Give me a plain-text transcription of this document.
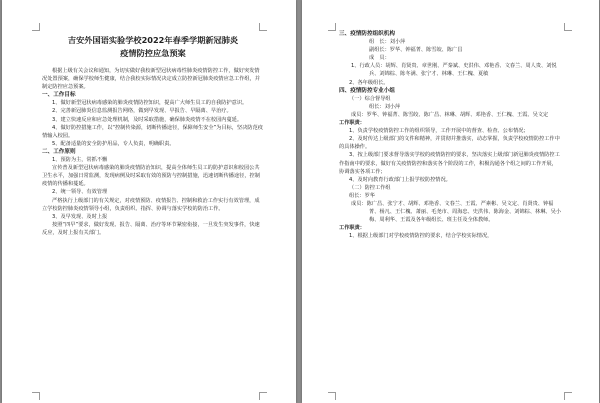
吉安外国语实验学校2022年春季学期新冠肺炎
疫情防控应急预案

根据上级有关会议和通知，为切实做好我校新型冠状病毒性肺炎疫情防控工作，做好突发情况处置预案，确保学校师生健康，结合我校实际情况决定成立防控新冠肺炎疫情应急工作组，并制定防控应急预案。

一、工作目标

1、做好新型冠状病毒感染的肺炎疫情防控知识，提高广大师生员工的自我防护意识。

2、完善新冠肺炎信息监测报告网络，做到早发现、早报告、早隔离、早治疗。

3、建立快速反应和应急处理机制，及时采取措施，确保肺炎疫情不在校园内蔓延。

4、做好防控措施工作，以“控制传染源，切断传播途径，保障师生安全”为目标，坚决防范疫情输入校园。

5、配备适量的安全防护用品，专人负责，明确职责。

二、工作原则

1、预防为主，常抓不懈

宣传普及新型冠状病毒感染的肺炎疫情防治知识，提高全体师生员工的防护意识和校园公共卫生水平，加强日常监测，发现病例及时采取有效的预防与控制措施，迅速切断传播途径，控制疫情的传播和蔓延。

2、统一领导、有效管理

严格执行上级部门的有关规定，对疫情预防、疫情报告、控制和救治工作实行有效管理，成立学校防控肺炎疫情领导小组，负责组织、指挥、协调与落实学校的防治工作。

3、及早发现、及时上报

按照“四早”要求，做好发现、报告、隔离、治疗等环节紧密衔接，一旦发生突发事件，快速反应，及时上报有关部门。

三、疫情防控组织机构

组　长：刘小萍

副组长：罗华、钟福菁、陈雪皎、陈广昌

成　员：

1、行政人员：胡辉、肖贤贵、章世刚、严秦斌、史洪伟、邓艳香、文春兰、周人贵、刘悦兵、刘锦棕、陈冬满、张宁才、林琳、王仁槐、夏敏

2、各年级组长。

四、疫情防控专业小组

（一）综合督导组

组长：刘小萍

成员：罗华、钟福菁、陈雪皎、陈广昌、林琳、胡辉、邓艳香、王仁槐、王霞、吴文定

工作职责：

1、负责学校疫情防控工作的组织领导，工作开展中的督查、检查、公布情况；

2、及时传达上级部门的文件和精神，并贯彻并推落实，动态掌握，负责学校疫情防控工作中的具体操作。

3、按上级部门要求督导落实学校的疫情防控的要求，坚决落实上级部门新冠肺炎疫情防控工作指南中的要求，做好有关疫情防控和落实各个阶段的工作，积极沟通各个组之间的工作开展，协调落实各项工作；

4、及时向教育行政部门上报学校防控情况。

（二）防控工作组

组长：罗华

成员：陈广昌、张宁才、胡辉、邓艳香、文春兰、王霞、严素彬、吴文定、肖贤贵、钟福菁、杨凡、王仁槐、萧丽、毛尧市、周海忠、史洪伟、陈海金、刘锦棕、林琳、吴小梅、周利华、王霞及各年级组长、班主任及全体教师。

工作职责：

1、根据上级部门对学校疫情防控的要求，结合学校实际情况，
